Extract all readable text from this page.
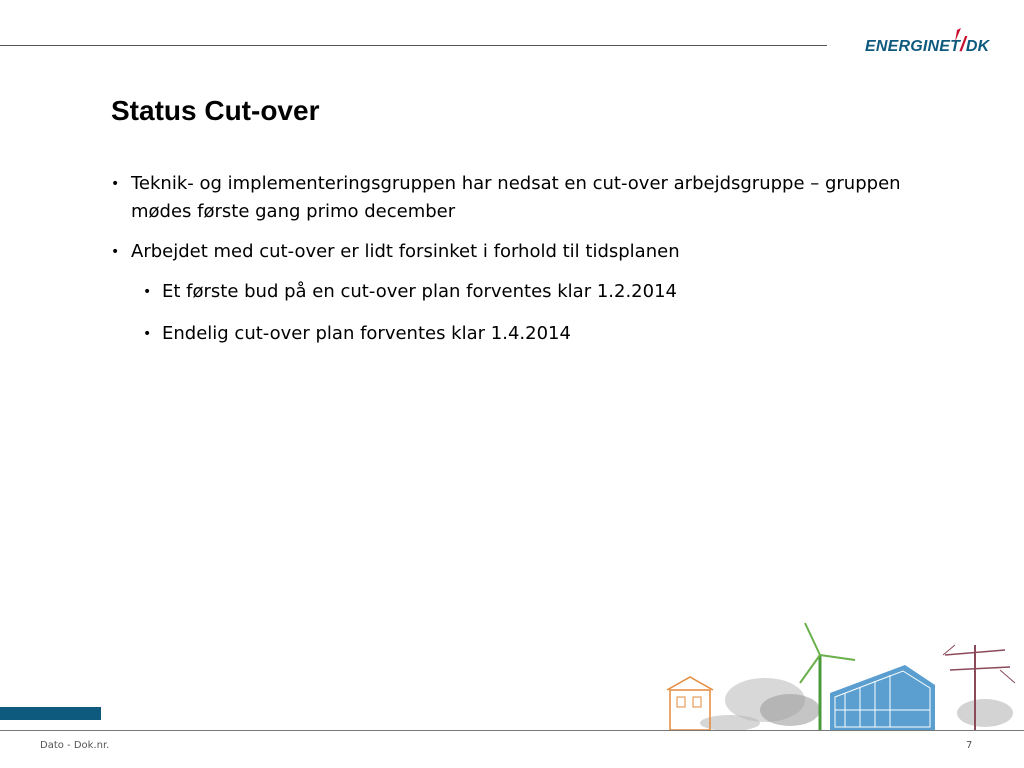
ENERGINET/DK
Status Cut-over
• Teknik- og implementeringsgruppen har nedsat en cut-over arbejdsgruppe – gruppen mødes første gang primo december
• Arbejdet med cut-over er lidt forsinket i forhold til tidsplanen
• Et første bud på en cut-over plan forventes klar 1.2.2014
• Endelig cut-over plan forventes klar 1.4.2014
Dato - Dok.nr.	7
